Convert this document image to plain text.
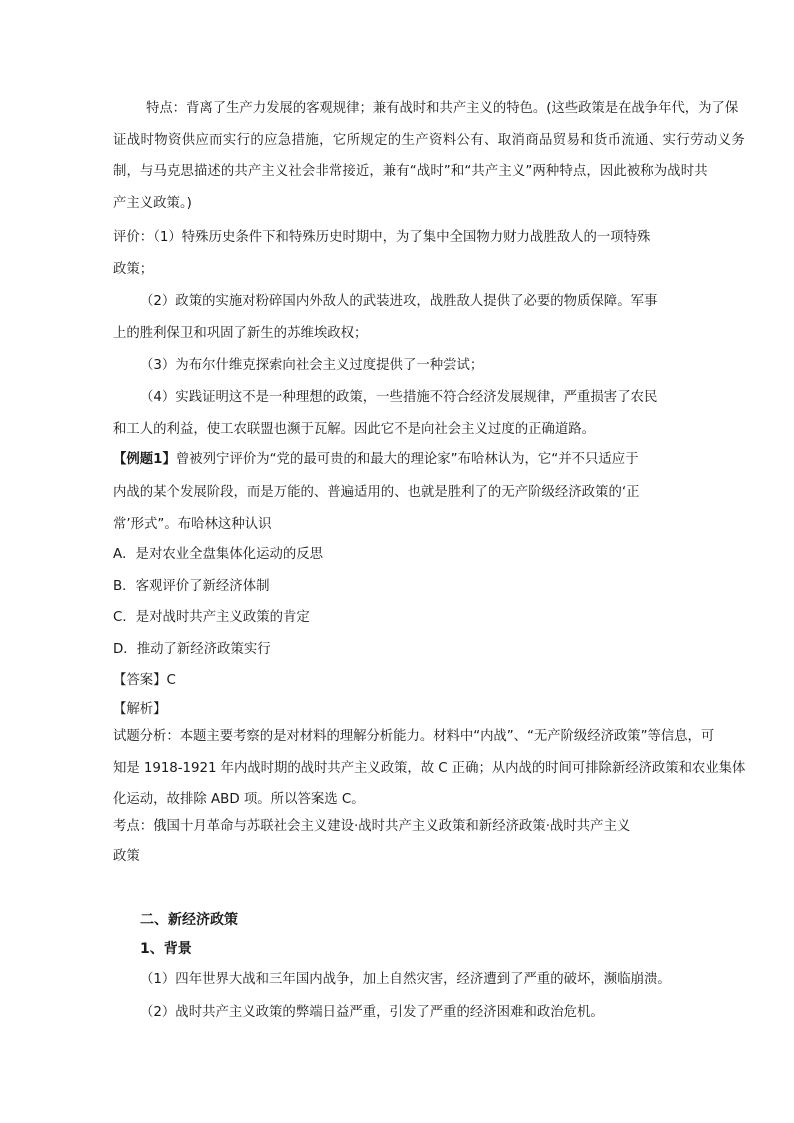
特点：背离了生产力发展的客观规律；兼有战时和共产主义的特色。(这些政策是在战争年代，为了保
证战时物资供应而实行的应急措施，它所规定的生产资料公有、取消商品贸易和货币流通、实行劳动义务
制，与马克思描述的共产主义社会非常接近，兼有“战时”和“共产主义”两种特点，因此被称为战时共
产主义政策。)
评价：（1）特殊历史条件下和特殊历史时期中，为了集中全国物力财力战胜敌人的一项特殊
政策；
（2）政策的实施对粉碎国内外敌人的武装进攻，战胜敌人提供了必要的物质保障。军事
上的胜利保卫和巩固了新生的苏维埃政权；
（3）为布尔什维克探索向社会主义过度提供了一种尝试；
（4）实践证明这不是一种理想的政策，一些措施不符合经济发展规律，严重损害了农民
和工人的利益，使工农联盟也濒于瓦解。因此它不是向社会主义过度的正确道路。
【例题1】曾被列宁评价为“党的最可贵的和最大的理论家”布哈林认为，它“并不只适应于
内战的某个发展阶段，而是万能的、普遍适用的、也就是胜利了的无产阶级经济政策的‘正
常’形式”。布哈林这种认识
A．是对农业全盘集体化运动的反思
B．客观评价了新经济体制
C．是对战时共产主义政策的肯定
D．推动了新经济政策实行
【答案】C
【解析】
试题分析：本题主要考察的是对材料的理解分析能力。材料中“内战”、“无产阶级经济政策”等信息，可
知是 1918-1921 年内战时期的战时共产主义政策，故 C 正确；从内战的时间可排除新经济政策和农业集体
化运动，故排除 ABD 项。所以答案选 C。
考点：俄国十月革命与苏联社会主义建设·战时共产主义政策和新经济政策·战时共产主义
政策
二、新经济政策
1、背景
（1）四年世界大战和三年国内战争，加上自然灾害，经济遭到了严重的破坏，濒临崩溃。
（2）战时共产主义政策的弊端日益严重，引发了严重的经济困难和政治危机。
